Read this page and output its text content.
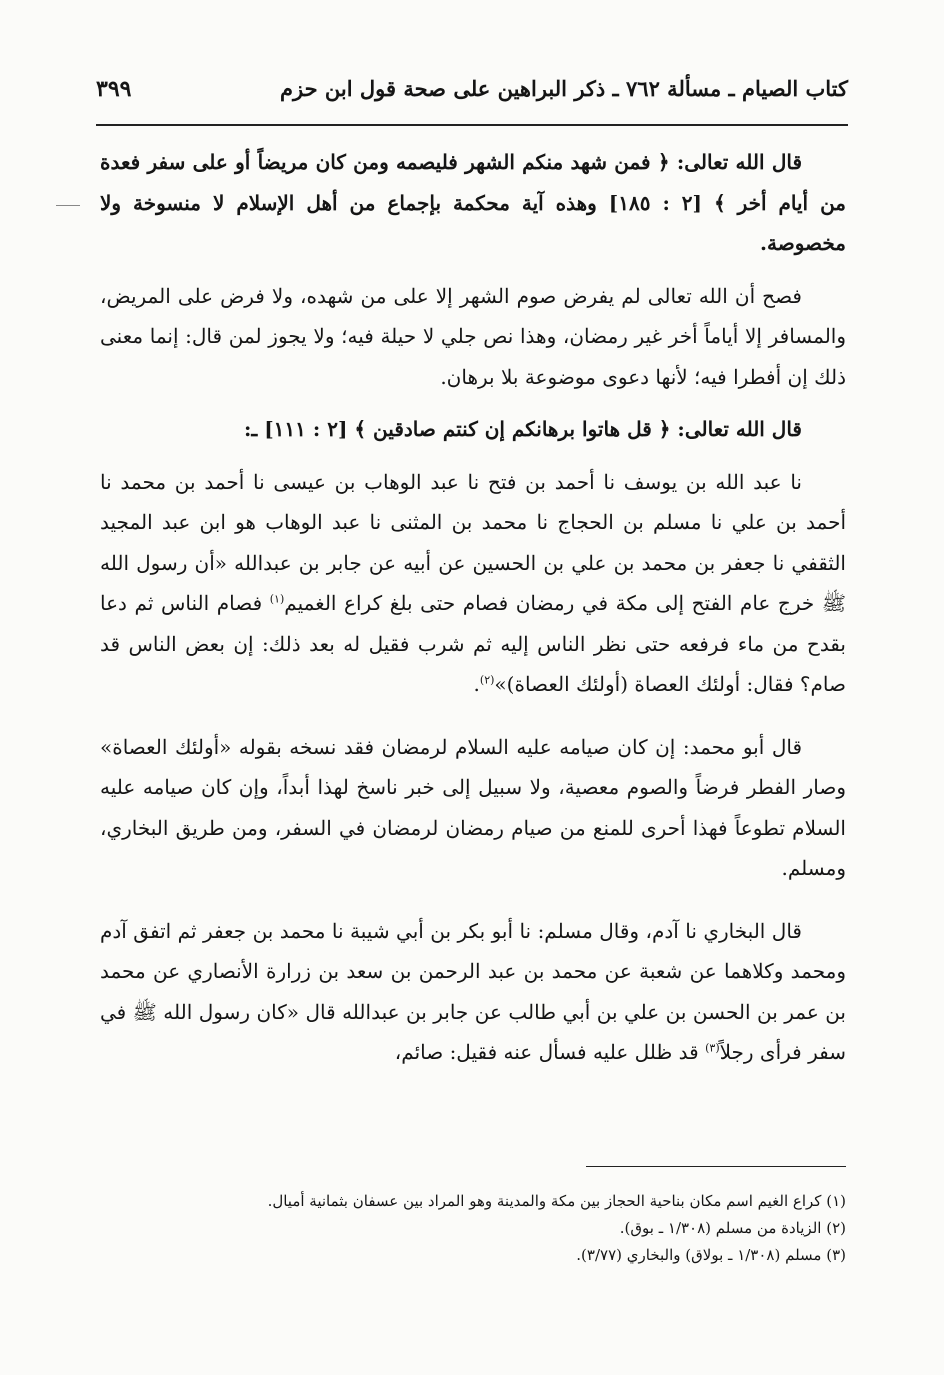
كتاب الصيام ـ مسألة ٧٦٢ ـ ذكر البراهين على صحة قول ابن حزم
٣٩٩

قال الله تعالى: ﴿ فمن شهد منكم الشهر فليصمه ومن كان مريضاً أو على سفر فعدة من أيام أخر ﴾ [٢ : ١٨٥] وهذه آية محكمة بإجماع من أهل الإسلام لا منسوخة ولا مخصوصة.

فصح أن الله تعالى لم يفرض صوم الشهر إلا على من شهده، ولا فرض على المريض، والمسافر إلا أياماً أخر غير رمضان، وهذا نص جلي لا حيلة فيه؛ ولا يجوز لمن قال: إنما معنى ذلك إن أفطرا فيه؛ لأنها دعوى موضوعة بلا برهان.

قال الله تعالى: ﴿ قل هاتوا برهانكم إن كنتم صادقين ﴾ [٢ : ١١١] ـ:

نا عبد الله بن يوسف نا أحمد بن فتح نا عبد الوهاب بن عيسى نا أحمد بن محمد نا أحمد بن علي نا مسلم بن الحجاج نا محمد بن المثنى نا عبد الوهاب هو ابن عبد المجيد الثقفي نا جعفر بن محمد بن علي بن الحسين عن أبيه عن جابر بن عبدالله «أن رسول الله ﷺ خرج عام الفتح إلى مكة في رمضان فصام حتى بلغ كراع الغميم$^{(١)}$ فصام الناس ثم دعا بقدح من ماء فرفعه حتى نظر الناس إليه ثم شرب فقيل له بعد ذلك: إن بعض الناس قد صام؟ فقال: أولئك العصاة (أولئك العصاة)»$^{(٢)}$.

قال أبو محمد: إن كان صيامه عليه السلام لرمضان فقد نسخه بقوله «أولئك العصاة» وصار الفطر فرضاً والصوم معصية، ولا سبيل إلى خبر ناسخ لهذا أبداً، وإن كان صيامه عليه السلام تطوعاً فهذا أحرى للمنع من صيام رمضان لرمضان في السفر، ومن طريق البخاري، ومسلم.

قال البخاري نا آدم، وقال مسلم: نا أبو بكر بن أبي شيبة نا محمد بن جعفر ثم اتفق آدم ومحمد وكلاهما عن شعبة عن محمد بن عبد الرحمن بن سعد بن زرارة الأنصاري عن محمد بن عمر بن الحسن بن علي بن أبي طالب عن جابر بن عبدالله قال «كان رسول الله ﷺ في سفر فرأى رجلاً$^{(٣)}$ قد ظلل عليه فسأل عنه فقيل: صائم،

(١) كراع الغيم اسم مكان بناحية الحجاز بين مكة والمدينة وهو المراد بين عسفان بثمانية أميال.

(٢) الزيادة من مسلم (١/٣٠٨ ـ بوق).

(٣) مسلم (١/٣٠٨ ـ بولاق) والبخاري (٣/٧٧).
